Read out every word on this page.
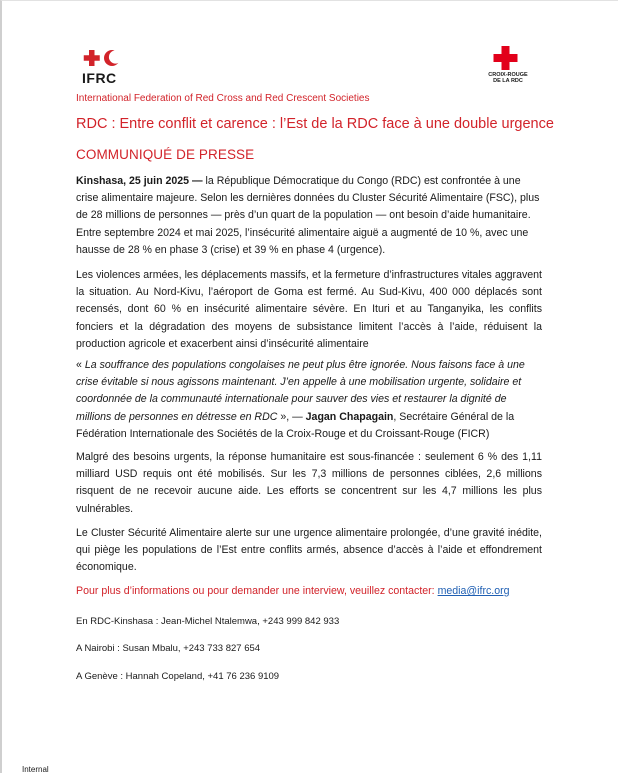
IFRC	CROIX-ROUGE
DE LA RDC
International Federation of Red Cross and Red Crescent Societies
RDC : Entre conflit et carence : l’Est de la RDC face à une double urgence
COMMUNIQUÉ DE PRESSE
Kinshasa, 25 juin 2025 — la République Démocratique du Congo (RDC) est confrontée à une crise alimentaire majeure. Selon les dernières données du Cluster Sécurité Alimentaire (FSC), plus de 28 millions de personnes — près d’un quart de la population — ont besoin d’aide humanitaire. Entre septembre 2024 et mai 2025, l’insécurité alimentaire aiguë a augmenté de 10 %, avec une hausse de 28 % en phase 3 (crise) et 39 % en phase 4 (urgence).
Les violences armées, les déplacements massifs, et la fermeture d’infrastructures vitales aggravent la situation. Au Nord-Kivu, l’aéroport de Goma est fermé. Au Sud-Kivu, 400 000 déplacés sont recensés, dont 60 % en insécurité alimentaire sévère. En Ituri et au Tanganyika, les conflits fonciers et la dégradation des moyens de subsistance limitent l’accès à l’aide, réduisent la production agricole et exacerbent ainsi d’insécurité alimentaire
« La souffrance des populations congolaises ne peut plus être ignorée. Nous faisons face à une crise évitable si nous agissons maintenant. J’en appelle à une mobilisation urgente, solidaire et coordonnée de la communauté internationale pour sauver des vies et restaurer la dignité de millions de personnes en détresse en RDC », — Jagan Chapagain, Secrétaire Général de la Fédération Internationale des Sociétés de la Croix-Rouge et du Croissant-Rouge (FICR)
Malgré des besoins urgents, la réponse humanitaire est sous-financée : seulement 6 % des 1,11 milliard USD requis ont été mobilisés. Sur les 7,3 millions de personnes ciblées, 2,6 millions risquent de ne recevoir aucune aide. Les efforts se concentrent sur les 4,7 millions les plus vulnérables.
Le Cluster Sécurité Alimentaire alerte sur une urgence alimentaire prolongée, d’une gravité inédite, qui piège les populations de l’Est entre conflits armés, absence d’accès à l’aide et effondrement économique.
Pour plus d’informations ou pour demander une interview, veuillez contacter: media@ifrc.org
En RDC-Kinshasa : Jean-Michel Ntalemwa, +243 999 842 933
A Nairobi : Susan Mbalu, +243 733 827 654
A Genève : Hannah Copeland, +41 76 236 9109
Internal
